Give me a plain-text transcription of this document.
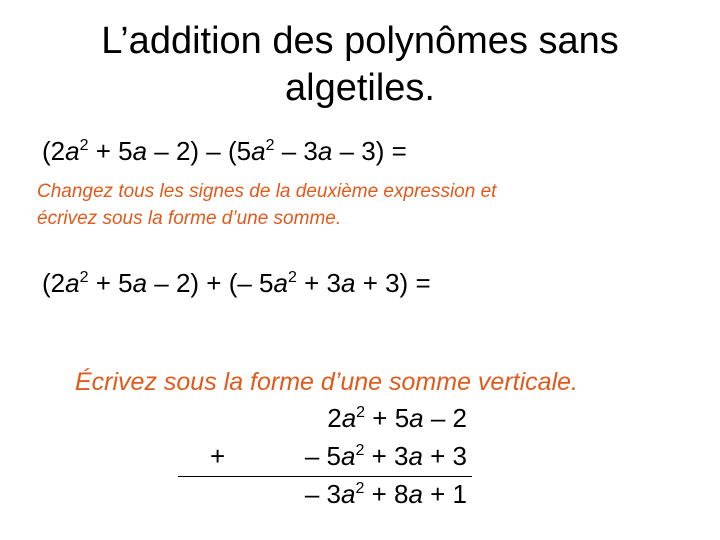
L’addition des polynômes sans
algetiles.
$(2a^2 + 5a - 2) - (5a^2 - 3a - 3)$ =
Changez tous les signes de la deuxième expression et
écrivez sous la forme d’une somme.
$(2a^2 + 5a - 2)$ + (– $5a^2 + 3a + 3$) =
Écrivez sous la forme d’une somme verticale.
$2a^2 + 5a - 2$
+	– $5a^2 + 3a + 3$
– $3a^2 + 8a + 1$
